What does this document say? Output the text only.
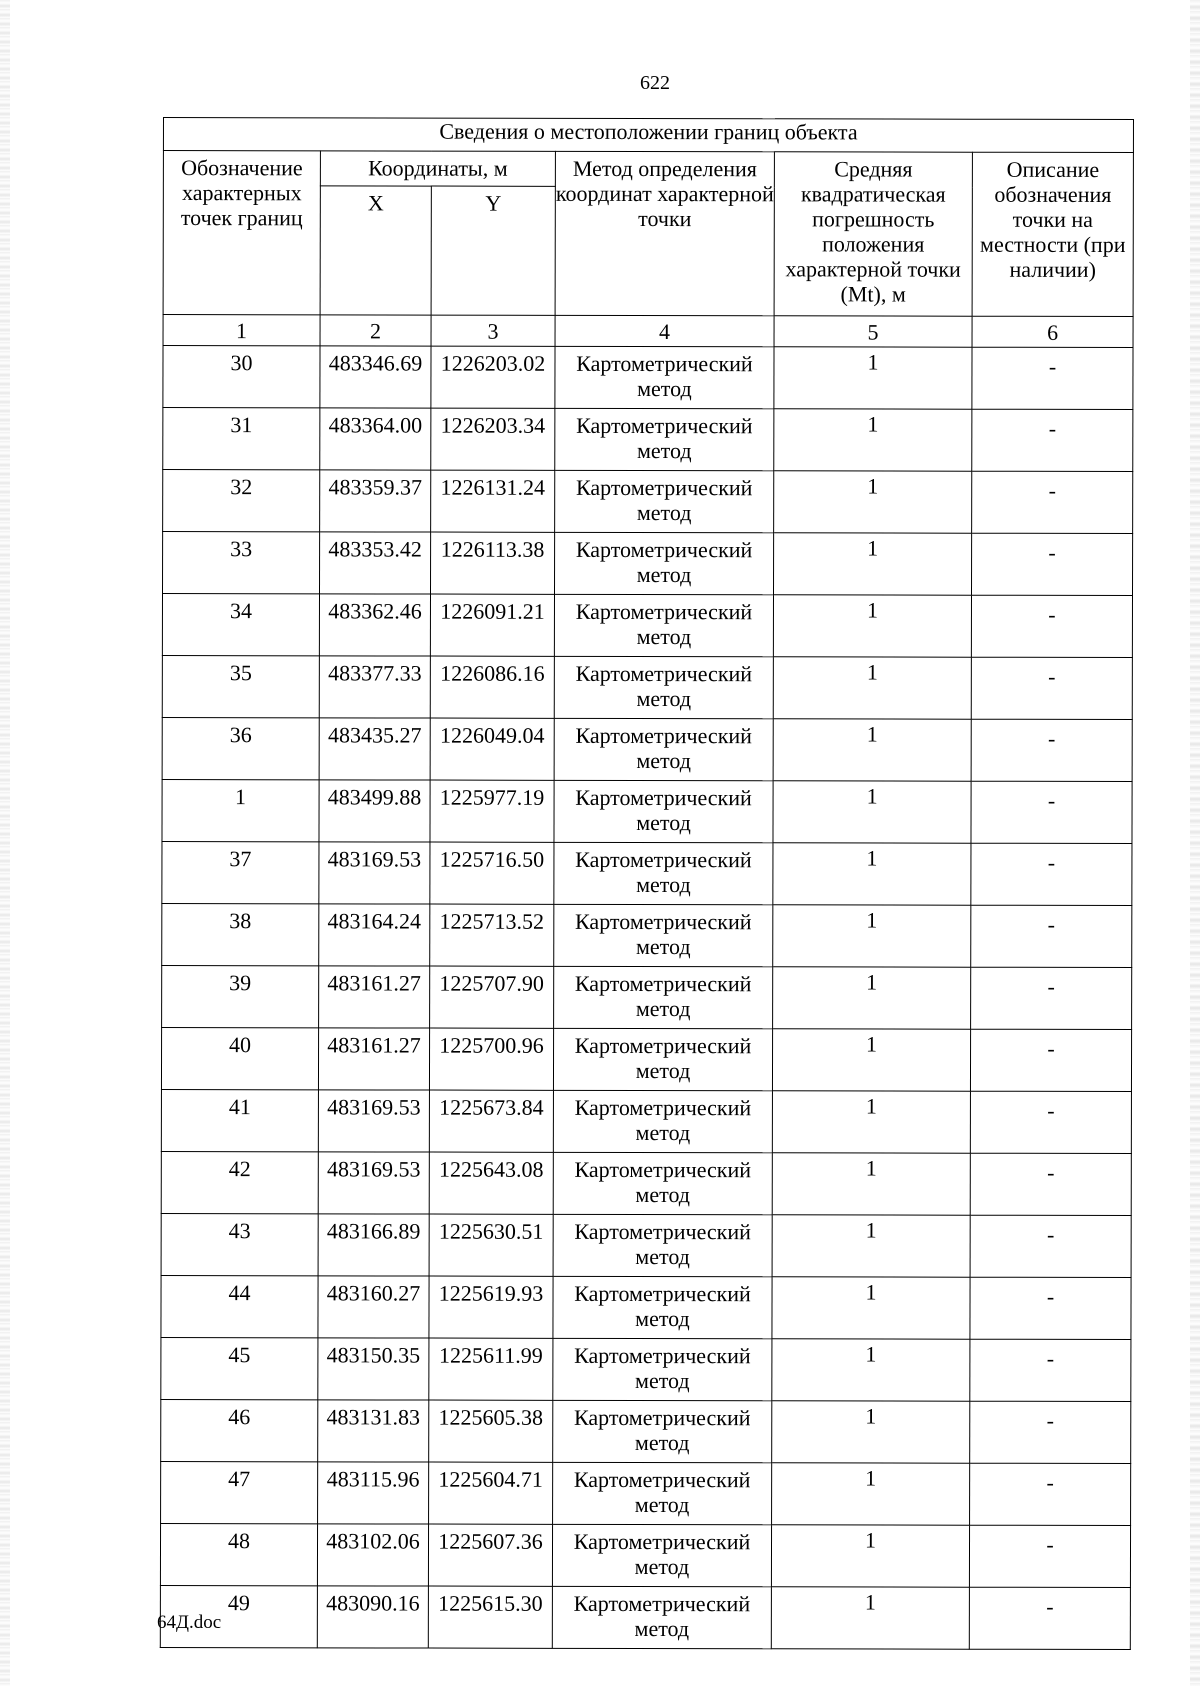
622
Сведения о местоположении границ объекта					
Обозначение характерных точек границ	Координаты, м		Метод определения координат характерной точки	Средняя квадратическая погрешность положения характерной точки (Mt), м	Описание обозначения точки на местности (при наличии)
	X	Y			
1	2	3	4	5	6
30	483346.69	1226203.02	Картометрический метод	1	-
31	483364.00	1226203.34	Картометрический метод	1	-
32	483359.37	1226131.24	Картометрический метод	1	-
33	483353.42	1226113.38	Картометрический метод	1	-
34	483362.46	1226091.21	Картометрический метод	1	-
35	483377.33	1226086.16	Картометрический метод	1	-
36	483435.27	1226049.04	Картометрический метод	1	-
1	483499.88	1225977.19	Картометрический метод	1	-
37	483169.53	1225716.50	Картометрический метод	1	-
38	483164.24	1225713.52	Картометрический метод	1	-
39	483161.27	1225707.90	Картометрический метод	1	-
40	483161.27	1225700.96	Картометрический метод	1	-
41	483169.53	1225673.84	Картометрический метод	1	-
42	483169.53	1225643.08	Картометрический метод	1	-
43	483166.89	1225630.51	Картометрический метод	1	-
44	483160.27	1225619.93	Картометрический метод	1	-
45	483150.35	1225611.99	Картометрический метод	1	-
46	483131.83	1225605.38	Картометрический метод	1	-
47	483115.96	1225604.71	Картометрический метод	1	-
48	483102.06	1225607.36	Картометрический метод	1	-
49	483090.16	1225615.30	Картометрический метод	1	-
64Д.doc
